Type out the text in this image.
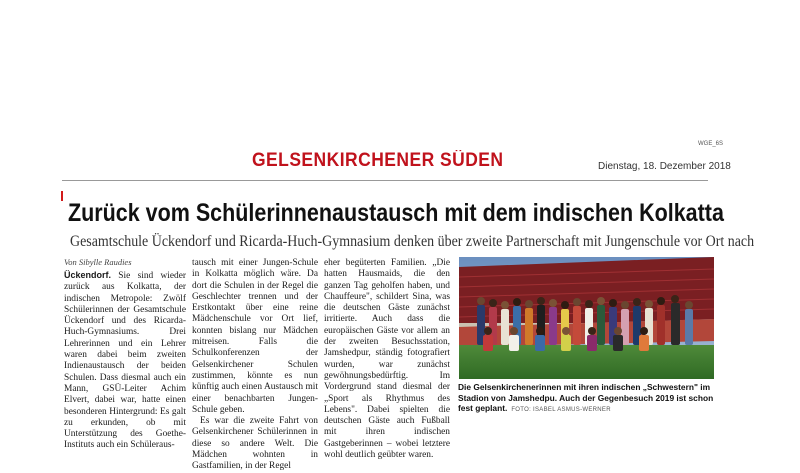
WGE_6S
GELSENKIRCHENER SÜDEN	Dienstag, 18. Dezember 2018
Zurück vom Schülerinnenaustausch mit dem indischen Kolkatta
Gesamtschule Ückendorf und Ricarda-Huch-Gymnasium denken über zweite Partnerschaft mit Jungenschule vor Ort nach
Von Sibylle Raudies

Ückendorf. Sie sind wieder zurück aus Kolkatta, der indischen Metropole: Zwölf Schülerinnen der Gesamtschule Ückendorf und des Ricarda-Huch-Gymnasiums. Drei Lehrerinnen und ein Lehrer waren dabei beim zweiten Indienaustausch der beiden Schulen. Dass diesmal auch ein Mann, GSÜ-Leiter Achim Elvert, dabei war, hatte einen besonderen Hintergrund: Es galt zu erkunden, ob mit Unterstützung des Goethe-Instituts auch ein Schüleraus-

tausch mit einer Jungen-Schule in Kolkatta möglich wäre. Da dort die Schulen in der Regel die Geschlechter trennen und der Erstkontakt über eine reine Mädchenschule vor Ort lief, konnten bislang nur Mädchen mitreisen. Falls die Schulkonferenzen der Gelsenkirchener Schulen zustimmen, könnte es nun künftig auch einen Austausch mit einer benachbarten Jungen-Schule geben.

Es war die zweite Fahrt von Gelsenkirchener Schülerinnen in diese so andere Welt. Die Mädchen wohnten in Gastfamilien, in der Regel

eher begüterten Familien. „Die hatten Hausmaids, die den ganzen Tag geholfen haben, und Chauffeure", schildert Sina, was die deutschen Gäste zunächst irritierte. Auch dass die europäischen Gäste vor allem an der zweiten Besuchsstation, Jamshedpur, ständig fotografiert wurden, war zunächst gewöhnungsbedürftig. Im Vordergrund stand diesmal der „Sport als Rhythmus des Lebens". Dabei spielten die deutschen Gäste auch Fußball mit ihren indischen Gastgeberinnen – wobei letztere wohl deutlich geübter waren.

Die Gelsenkirchenerinnen mit ihren indischen „Schwestern" im Stadion von Jamshedpu. Auch der Gegenbesuch 2019 ist schon fest geplant. FOTO: ISABEL ASMUS-WERNER
